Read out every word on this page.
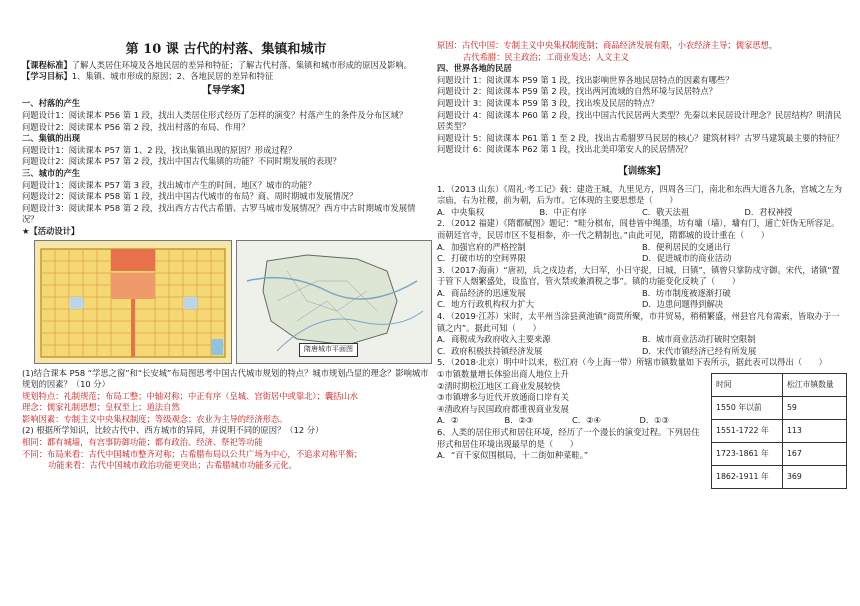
第 10 课 古代的村落、集镇和城市

【课程标准】了解人类居住环境及各地民居的差异和特征；了解古代村落、集镇和城市形成的原因及影响。

【学习目标】1、集镇、城市形成的原因；2、各地民居的差异和特征

【导学案】

一、村落的产生

问题设计1：阅读课本 P56 第 1 段，找出人类居住形式经历了怎样的演变？村落产生的条件及分布区域？

问题设计2：阅读课本 P56 第 2 段，找出村落的布局、作用？

二、集镇的出现

问题设计1：阅读课本 P57 第 1、2 段，找出集镇出现的原因？形成过程？

问题设计2：阅读课本 P57 第 2 段，找出中国古代集镇的功能？不同时期发展的表现？

三、城市的产生

问题设计1：阅读课本 P57 第 3 段，找出城市产生的时间、地区？城市的功能？

问题设计2：阅读课本 P58 第 1 段，找出中国古代城市的布局？商、周时期城市发展情况？

问题设计3：阅读课本 P58 第 2 段，找出西方古代古希腊、古罗马城市发展情况？西方中古时期城市发展情况？

★【活动设计】

隋唐城市平面图

(1)结合课本 P58 “学思之窗”和“长安城”布局图思考中国古代城市规划的特点？城市规划凸显的理念？影响城市规划的因素？（10 分）

规划特点：礼制规范；布局工整；中轴对称；中正有序（皇城、宫街居中或靠北）；囊括山水

理念：儒家礼制思想；皇权至上；道法自然

影响因素：专制主义中央集权制度；等级观念；农业为主导的经济形态。

(2) 根据所学知识，比较古代中、西方城市的异同，并说明不同的原因？（12 分）

相同：都有城墙，有宫事防御功能；都有政治、经济、祭祀等功能

不同：布局来看：古代中国城市整齐对称；古希腊布局以公共广场为中心，不追求对称平衡；

功能来看：古代中国城市政治功能更突出；古希腊城市功能多元化。

原因：古代中国：专制主义中央集权制度制；商品经济发展有限，小农经济主导；儒家思想，

古代希腊：民主政治；工商业发达；人文主义

四、世界各地的民居

问题设计 1：阅读课本 P59 第 1 段，找出影响世界各地民居特点的因素有哪些？

问题设计 2：阅读课本 P59 第 2 段，找出两河流域的自然环境与民居特点？

问题设计 3：阅读课本 P59 第 3 段，找出埃及民居的特点？

问题设计 4：阅读课本 P60 第 2 段，找出中国古代民居两大类型？先秦以来民居设计理念？民居结构？明清民居类型？

问题设计 5：阅读课本 P61 第 1 至 2 段，找出古希腊罗马民居的核心？建筑材料？古罗马建筑最主要的特征？

问题设计 6：阅读课本 P62 第 1 段，找出北美印第安人的民居情况？

【训练案】

1．（2013 山东）《周礼·考工记》载：建造王城，九里见方，四周各三门，南北和东西大道各九条，宫城之左为宗庙，右为社稷，前为朝，后为市。它体现的主要思想是（　　）

A．中央集权	B．中正有序	C．敬天法祖	D．君权神授

2．（2012 福建）《隋都赋图》题记：“畦分棋布，闾巷皆中绳墨，坊有墉（墙），墉有门，逋亡奸伪无所容足。而朝廷官寺，民居市区不复相参，亦一代之精制也。”由此可见，隋都城的设计重在（　　）

A．加强官府的严格控制	B．便利居民的交通出行
C．打破市坊的空间界限	D．促进城市的商业活动

3．（2017·海南）“唐初，兵之戍边者，大曰军，小曰守捉，曰城，曰镇”，镇曾只掌防戍守御。宋代，诸镇“置于管下人烟繁盛处，设监官，管火禁或兼酒税之事”。镇的功能变化反映了（　　）

A．商品经济的迅速发展	B．坊市制度被逐渐打破
C．地方行政机构权力扩大	D．边患问题得到解决

4．（2019·江苏）宋时，太平州当涂县黄池镇“商贾所聚，市井贸易，稍稍繁盛，州县官凡有需索，皆取办于一镇之内”。据此可知（　　）

A．商税成为政府收入主要来源	B．城市商业活动打破时空限制
C．政府积极扶持镇经济发展	D．宋代市镇经济已经有所发展

5．（2018·北京）明中叶以来，松江府（今上海一带）所辖市镇数量如下表所示，据此表可以得出（　　）

①市镇数量增长体验出商人地位上升

②清时期松江地区工商业发展较快

③市镇增多与近代开放通商口岸有关

④清政府与民国政府都重视商业发展

A．②	B．②③	C．②④	D．①③

6、人类的居住形式和居住环境，经历了一个漫长的演变过程。下列居住形式和居住环境出现最早的是（　　）

A．“百千家似围棋局，十二街如种菜畦。”

时间	松江市镇数量
1550 年以前	59
1551-1722 年	113
1723-1861 年	167
1862-1911 年	369
